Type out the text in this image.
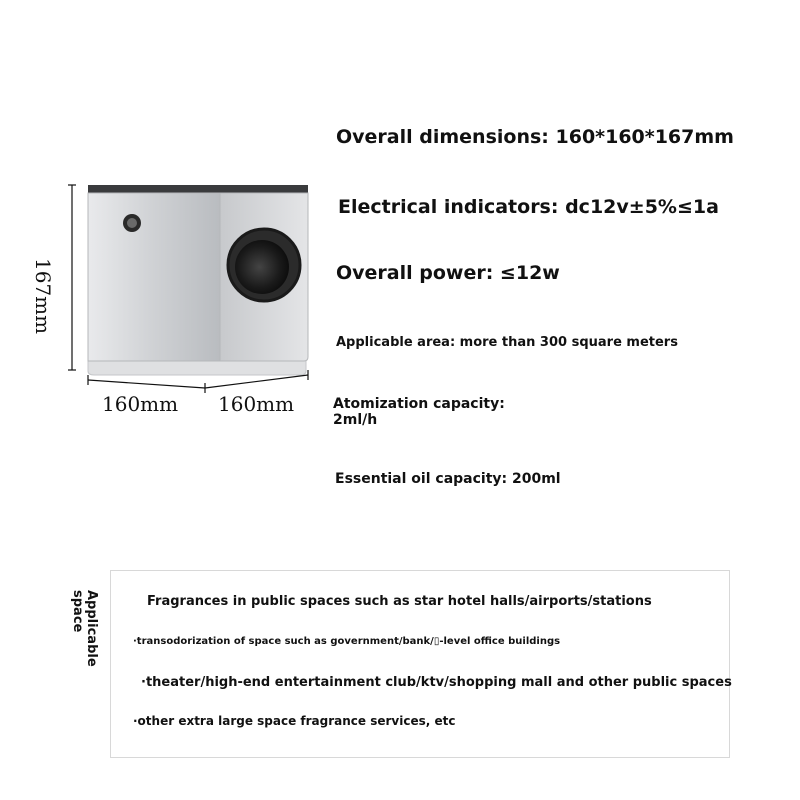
167mm
160mm 160mm
Overall dimensions: 160*160*167mm
Electrical indicators: dc12v±5%≤1a
Overall power: ≤12w
Applicable area: more than 300 square meters
Atomization capacity:
2ml/h
Essential oil capacity: 200ml
Applicable space	Fragrances in public spaces such as star hotel halls/airports/stations
·transodorization of space such as government/bank/▯-level office buildings
·theater/high-end entertainment club/ktv/shopping mall and other public spaces
·other extra large space fragrance services, etc
